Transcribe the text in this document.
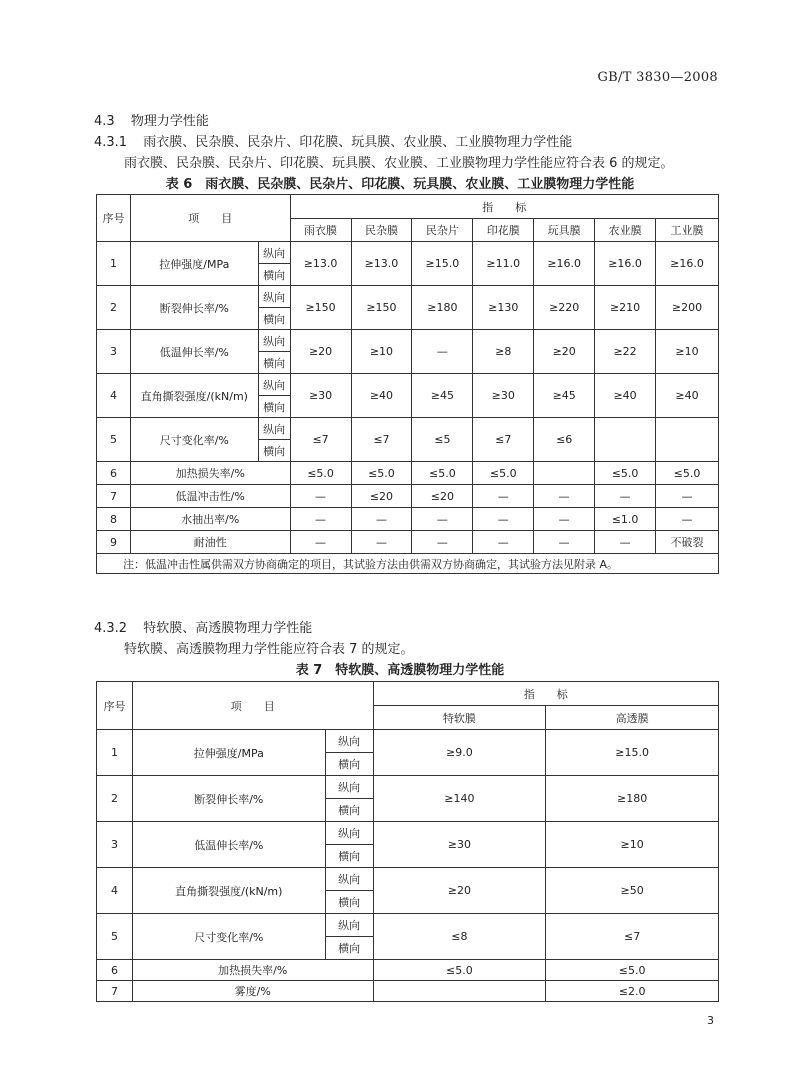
GB/T 3830—2008
4.3 物理力学性能
4.3.1 雨衣膜、民杂膜、民杂片、印花膜、玩具膜、农业膜、工业膜物理力学性能
雨衣膜、民杂膜、民杂片、印花膜、玩具膜、农业膜、工业膜物理力学性能应符合表 6 的规定。
表 6　雨衣膜、民杂膜、民杂片、印花膜、玩具膜、农业膜、工业膜物理力学性能
序号	项　　目		指　　标						
			雨衣膜	民杂膜	民杂片	印花膜	玩具膜	农业膜	工业膜
1	拉伸强度/MPa	纵向	≥13.0	≥13.0	≥15.0	≥11.0	≥16.0	≥16.0	≥16.0
		横向							
2	断裂伸长率/%	纵向	≥150	≥150	≥180	≥130	≥220	≥210	≥200
		横向							
3	低温伸长率/%	纵向	≥20	≥10	—	≥8	≥20	≥22	≥10
		横向							
4	直角撕裂强度/(kN/m)	纵向	≥30	≥40	≥45	≥30	≥45	≥40	≥40
		横向							
5	尺寸变化率/%	纵向	≤7	≤7	≤5	≤7	≤6		
		横向							
6	加热损失率/%		≤5.0	≤5.0	≤5.0	≤5.0		≤5.0	≤5.0
7	低温冲击性/%		—	≤20	≤20	—	—	—	—
8	水抽出率/%		—	—	—	—	—	≤1.0	—
9	耐油性		—	—	—	—	—	—	不破裂
注：低温冲击性属供需双方协商确定的项目，其试验方法由供需双方协商确定，其试验方法见附录 A。									
4.3.2 特软膜、高透膜物理力学性能
特软膜、高透膜物理力学性能应符合表 7 的规定。
表 7　特软膜、高透膜物理力学性能
序号	项　　目		指　　标	
			特软膜	高透膜
1	拉伸强度/MPa	纵向	≥9.0	≥15.0
		横向		
2	断裂伸长率/%	纵向	≥140	≥180
		横向		
3	低温伸长率/%	纵向	≥30	≥10
		横向		
4	直角撕裂强度/(kN/m)	纵向	≥20	≥50
		横向		
5	尺寸变化率/%	纵向	≤8	≤7
		横向		
6	加热损失率/%		≤5.0	≤5.0
7	雾度/%			≤2.0
3
